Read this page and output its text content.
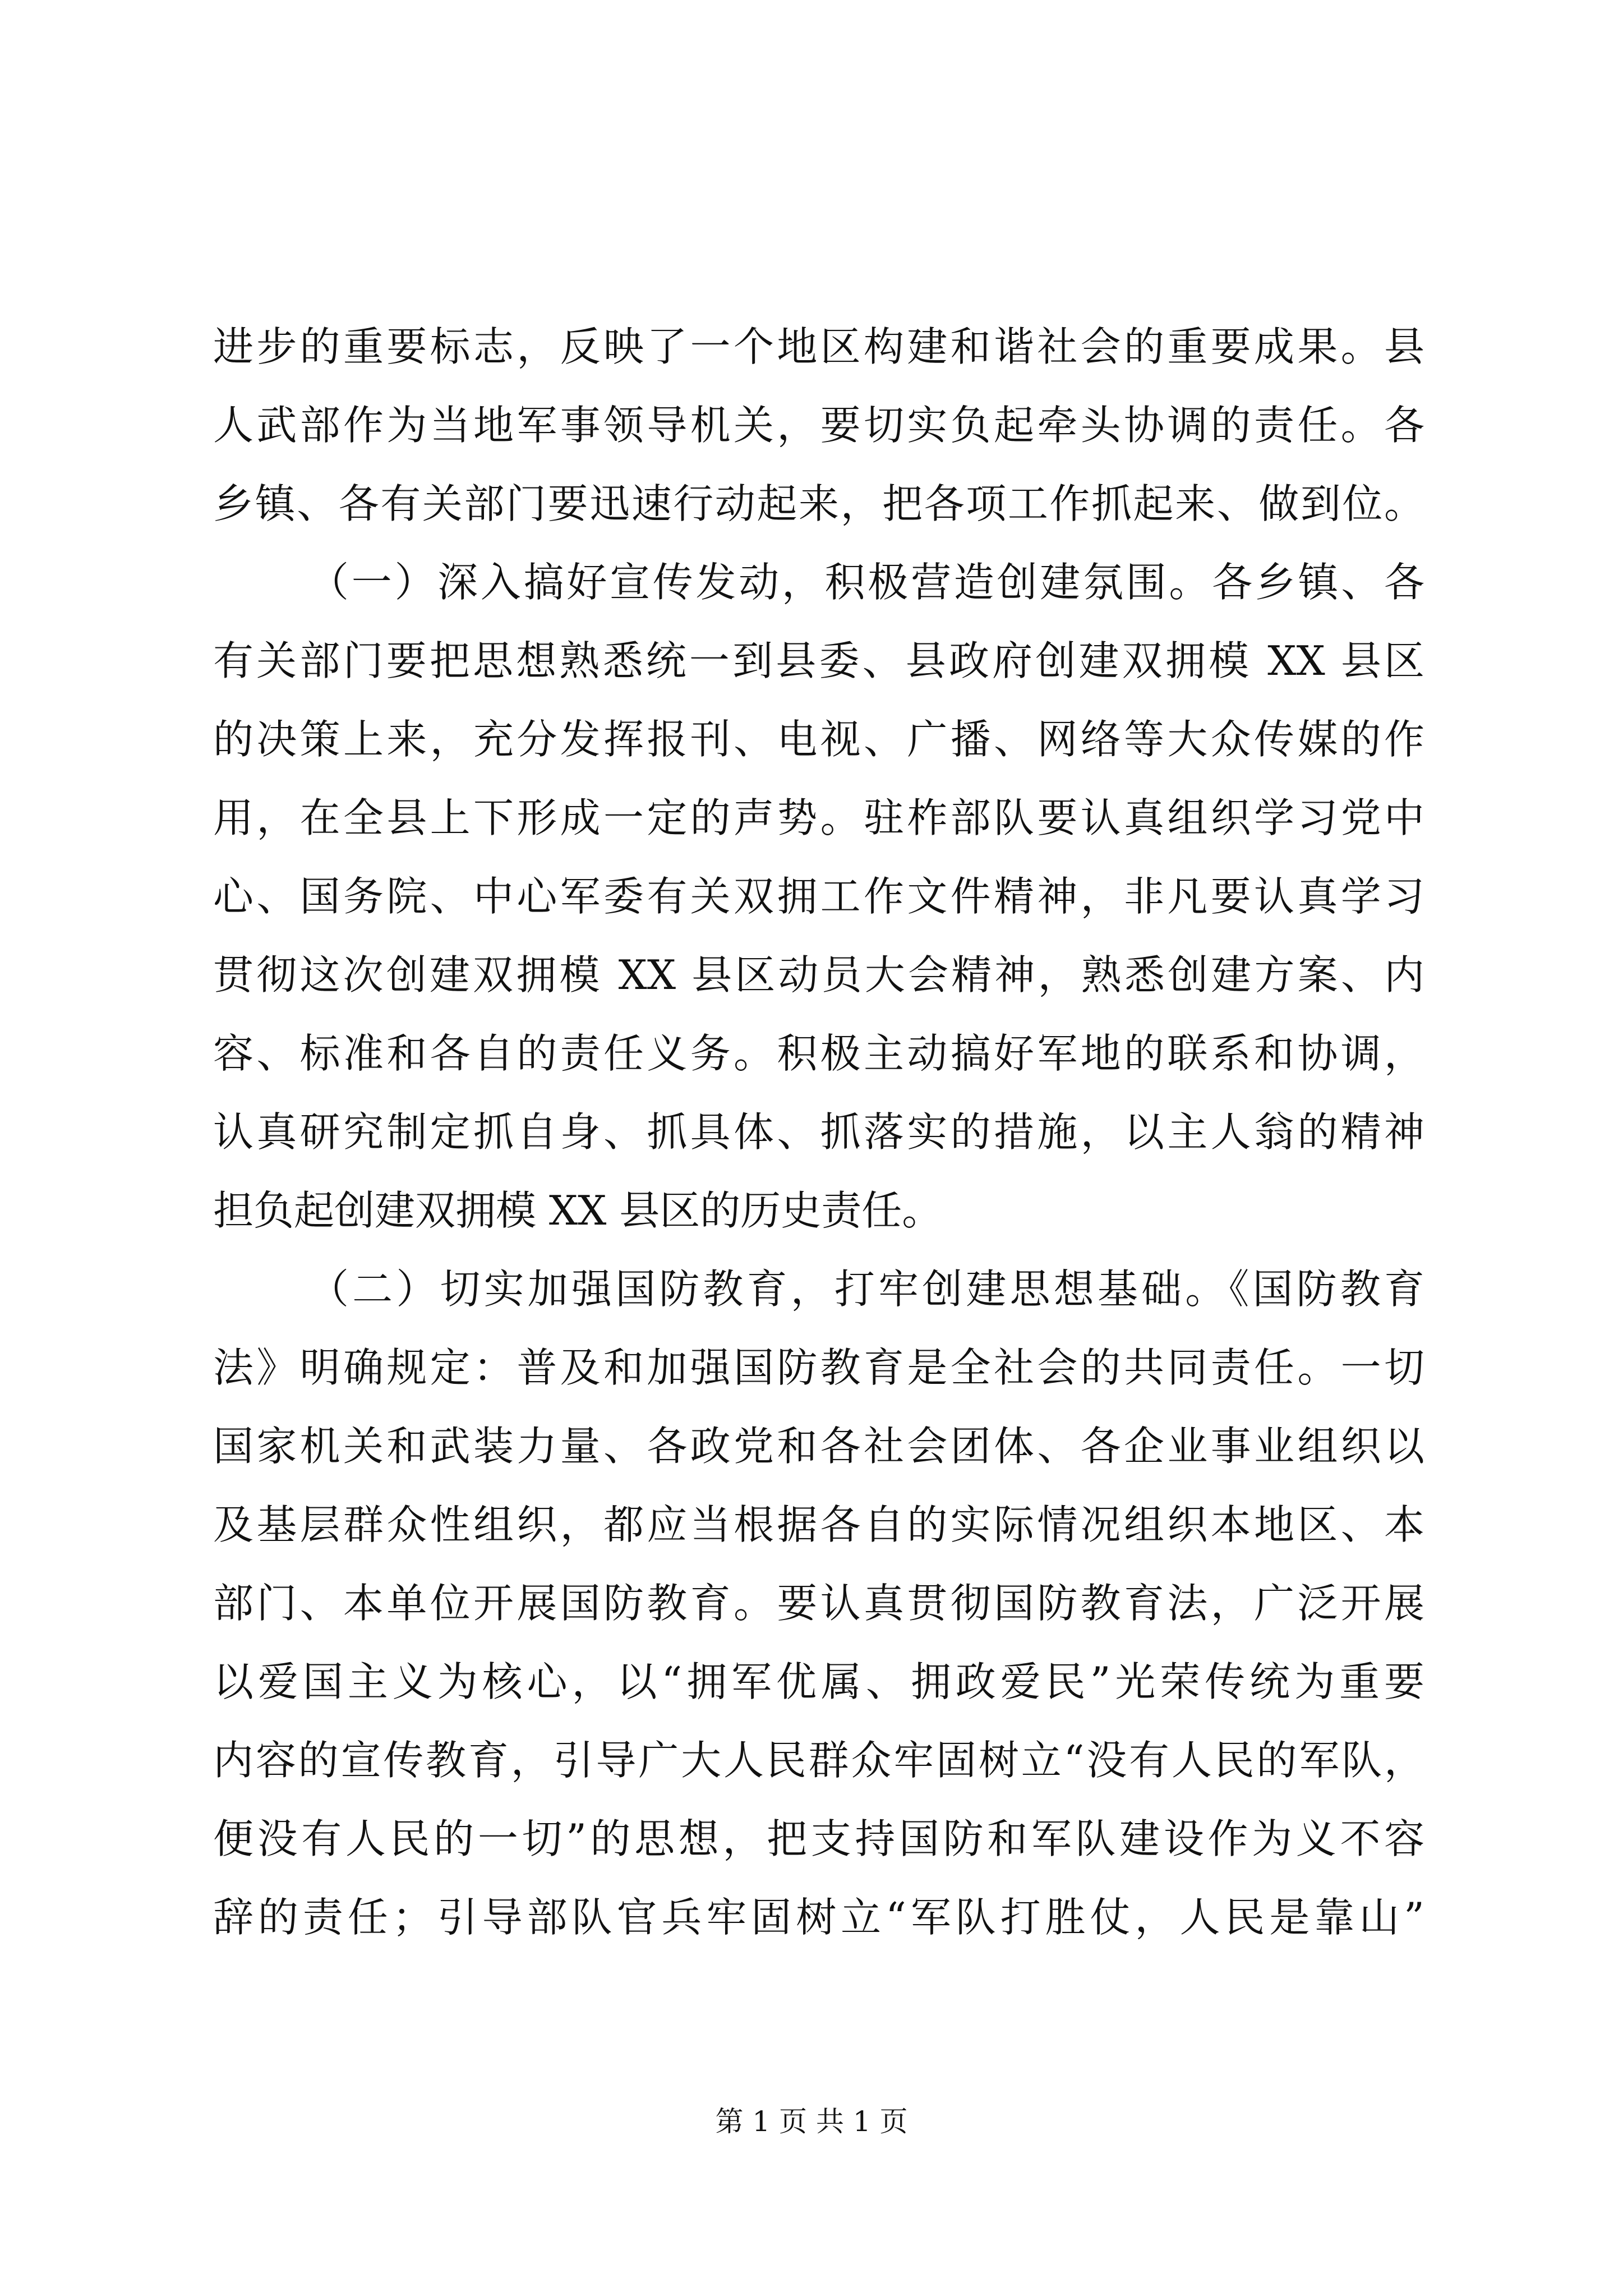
进步的重要标志，反映了一个地区构建和谐社会的重要成果。县
人武部作为当地军事领导机关，要切实负起牵头协调的责任。各
乡镇、各有关部门要迅速行动起来，把各项工作抓起来、做到位。
（一）深入搞好宣传发动，积极营造创建氛围。各乡镇、各
有关部门要把思想熟悉统一到县委、县政府创建双拥模 XX 县区
的决策上来，充分发挥报刊、电视、广播、网络等大众传媒的作
用，在全县上下形成一定的声势。驻柞部队要认真组织学习党中
心、国务院、中心军委有关双拥工作文件精神，非凡要认真学习
贯彻这次创建双拥模 XX 县区动员大会精神，熟悉创建方案、内
容、标准和各自的责任义务。积极主动搞好军地的联系和协调，
认真研究制定抓自身、抓具体、抓落实的措施，以主人翁的精神
担负起创建双拥模 XX 县区的历史责任。
（二）切实加强国防教育，打牢创建思想基础。《国防教育
法》明确规定：普及和加强国防教育是全社会的共同责任。一切
国家机关和武装力量、各政党和各社会团体、各企业事业组织以
及基层群众性组织，都应当根据各自的实际情况组织本地区、本
部门、本单位开展国防教育。要认真贯彻国防教育法，广泛开展
以爱国主义为核心，以“拥军优属、拥政爱民”光荣传统为重要
内容的宣传教育，引导广大人民群众牢固树立“没有人民的军队，
便没有人民的一切”的思想，把支持国防和军队建设作为义不容
辞的责任；引导部队官兵牢固树立“军队打胜仗，人民是靠山”
第 1 页 共 1 页
